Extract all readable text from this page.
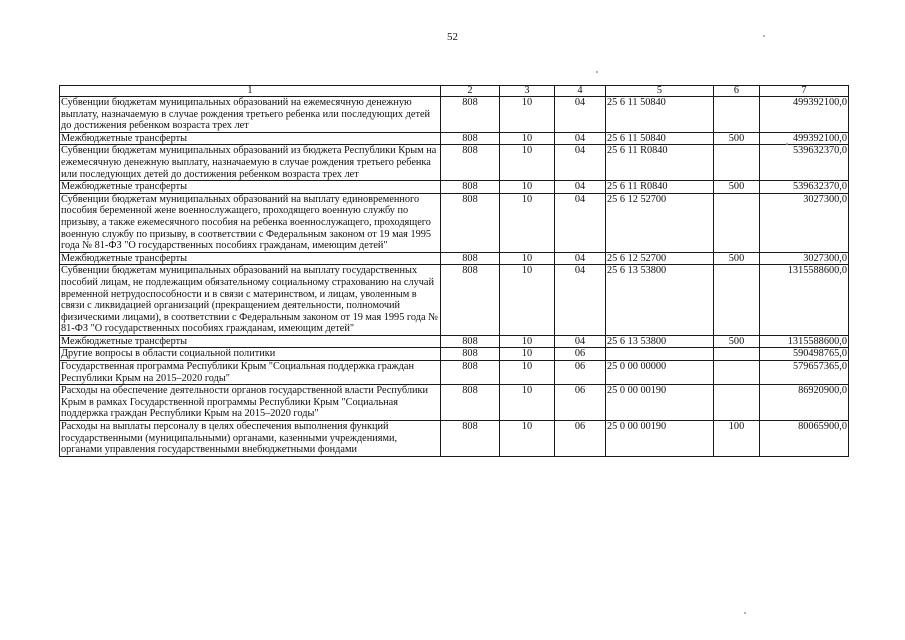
52
1	2	3	4	5	6	7
Субвенции бюджетам муниципальных образований на ежемесячную денежную выплату, назначаемую в случае рождения третьего ребенка или последующих детей до достижения ребенком возраста трех лет	808	10	04	25 6 11 50840		499392100,0
Межбюджетные трансферты	808	10	04	25 6 11 50840	500	499392100,0
Субвенции бюджетам муниципальных образований из бюджета Республики Крым на ежемесячную денежную выплату, назначаемую в случае рождения третьего ребенка или последующих детей до достижения ребенком возраста трех лет	808	10	04	25 6 11 R0840		539632370,0
Межбюджетные трансферты	808	10	04	25 6 11 R0840	500	539632370,0
Субвенции бюджетам муниципальных образований на выплату единовременного пособия беременной жене военнослужащего, проходящего военную службу по призыву, а также ежемесячного пособия на ребенка военнослужащего, проходящего военную службу по призыву, в соответствии с Федеральным законом от 19 мая 1995 года № 81-ФЗ "О государственных пособиях гражданам, имеющим детей"	808	10	04	25 6 12 52700		3027300,0
Межбюджетные трансферты	808	10	04	25 6 12 52700	500	3027300,0
Субвенции бюджетам муниципальных образований на выплату государственных пособий лицам, не подлежащим обязательному социальному страхованию на случай временной нетрудоспособности и в связи с материнством, и лицам, уволенным в связи с ликвидацией организаций (прекращением деятельности, полномочий физическими лицами), в соответствии с Федеральным законом от 19 мая 1995 года № 81-ФЗ "О государственных пособиях гражданам, имеющим детей"	808	10	04	25 6 13 53800		1315588600,0
Межбюджетные трансферты	808	10	04	25 6 13 53800	500	1315588600,0
Другие вопросы в области социальной политики	808	10	06			590498765,0
Государственная программа Республики Крым "Социальная поддержка граждан Республики Крым на 2015–2020 годы"	808	10	06	25 0 00 00000		579657365,0
Расходы на обеспечение деятельности органов государственной власти Республики Крым в рамках Государственной программы Республики Крым "Социальная поддержка граждан Республики Крым на 2015–2020 годы"	808	10	06	25 0 00 00190		86920900,0
Расходы на выплаты персоналу в целях обеспечения выполнения функций государственными (муниципальными) органами, казенными учреждениями, органами управления государственными внебюджетными фондами	808	10	06	25 0 00 00190	100	80065900,0
